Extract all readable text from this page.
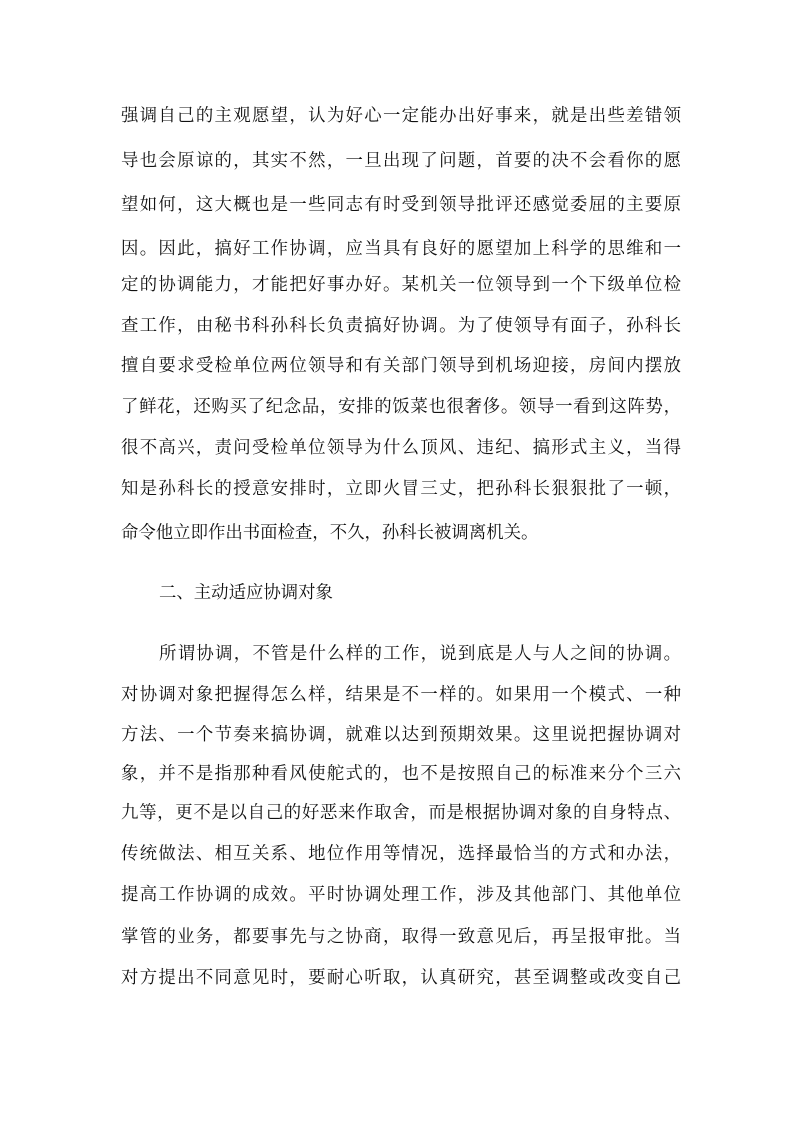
强调自己的主观愿望，认为好心一定能办出好事来，就是出些差错领
导也会原谅的，其实不然，一旦出现了问题，首要的决不会看你的愿
望如何，这大概也是一些同志有时受到领导批评还感觉委屈的主要原
因。因此，搞好工作协调，应当具有良好的愿望加上科学的思维和一
定的协调能力，才能把好事办好。某机关一位领导到一个下级单位检
查工作，由秘书科孙科长负责搞好协调。为了使领导有面子，孙科长
擅自要求受检单位两位领导和有关部门领导到机场迎接，房间内摆放
了鲜花，还购买了纪念品，安排的饭菜也很奢侈。领导一看到这阵势，
很不高兴，责问受检单位领导为什么顶风、违纪、搞形式主义，当得
知是孙科长的授意安排时，立即火冒三丈，把孙科长狠狠批了一顿，
命令他立即作出书面检查，不久，孙科长被调离机关。
二、主动适应协调对象
所谓协调，不管是什么样的工作，说到底是人与人之间的协调。
对协调对象把握得怎么样，结果是不一样的。如果用一个模式、一种
方法、一个节奏来搞协调，就难以达到预期效果。这里说把握协调对
象，并不是指那种看风使舵式的，也不是按照自己的标准来分个三六
九等，更不是以自己的好恶来作取舍，而是根据协调对象的自身特点、
传统做法、相互关系、地位作用等情况，选择最恰当的方式和办法，
提高工作协调的成效。平时协调处理工作，涉及其他部门、其他单位
掌管的业务，都要事先与之协商，取得一致意见后，再呈报审批。当
对方提出不同意见时，要耐心听取，认真研究，甚至调整或改变自己
